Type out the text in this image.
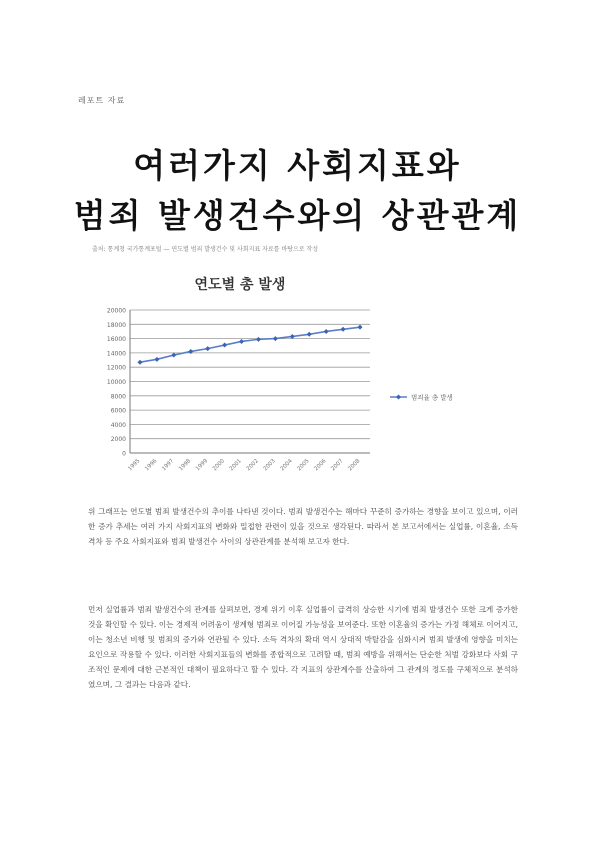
레포트 자료
여러가지 사회지표와
범죄 발생건수와의 상관관계
출처: 통계청 국가통계포털 — 연도별 범죄 발생건수 및 사회지표 자료를 바탕으로 작성
연도별 총 발생
0
2000
4000
6000
8000
10000
12000
14000
16000
18000
20000
1995 1996 1997 1998 1999 2000 2001 2002 2003 2004 2005 2006 2007 2008
범죄율 총 발생
위 그래프는 연도별 범죄 발생건수의 추이를 나타낸 것이다. 범죄 발생건수는 해마다 꾸준히 증가하는 경향을 보이고 있으며, 이러한 증가 추세는 여러 가지 사회지표의 변화와 밀접한 관련이 있을 것으로 생각된다. 따라서 본 보고서에서는 실업률, 이혼율, 소득 격차 등 주요 사회지표와 범죄 발생건수 사이의 상관관계를 분석해 보고자 한다.
먼저 실업률과 범죄 발생건수의 관계를 살펴보면, 경제 위기 이후 실업률이 급격히 상승한 시기에 범죄 발생건수 또한 크게 증가한 것을 확인할 수 있다. 이는 경제적 어려움이 생계형 범죄로 이어질 가능성을 보여준다. 또한 이혼율의 증가는 가정 해체로 이어지고, 이는 청소년 비행 및 범죄의 증가와 연관될 수 있다. 소득 격차의 확대 역시 상대적 박탈감을 심화시켜 범죄 발생에 영향을 미치는 요인으로 작용할 수 있다. 이러한 사회지표들의 변화를 종합적으로 고려할 때, 범죄 예방을 위해서는 단순한 처벌 강화보다 사회 구조적인 문제에 대한 근본적인 대책이 필요하다고 할 수 있다. 각 지표의 상관계수를 산출하여 그 관계의 정도를 구체적으로 분석하였으며, 그 결과는 다음과 같다.
